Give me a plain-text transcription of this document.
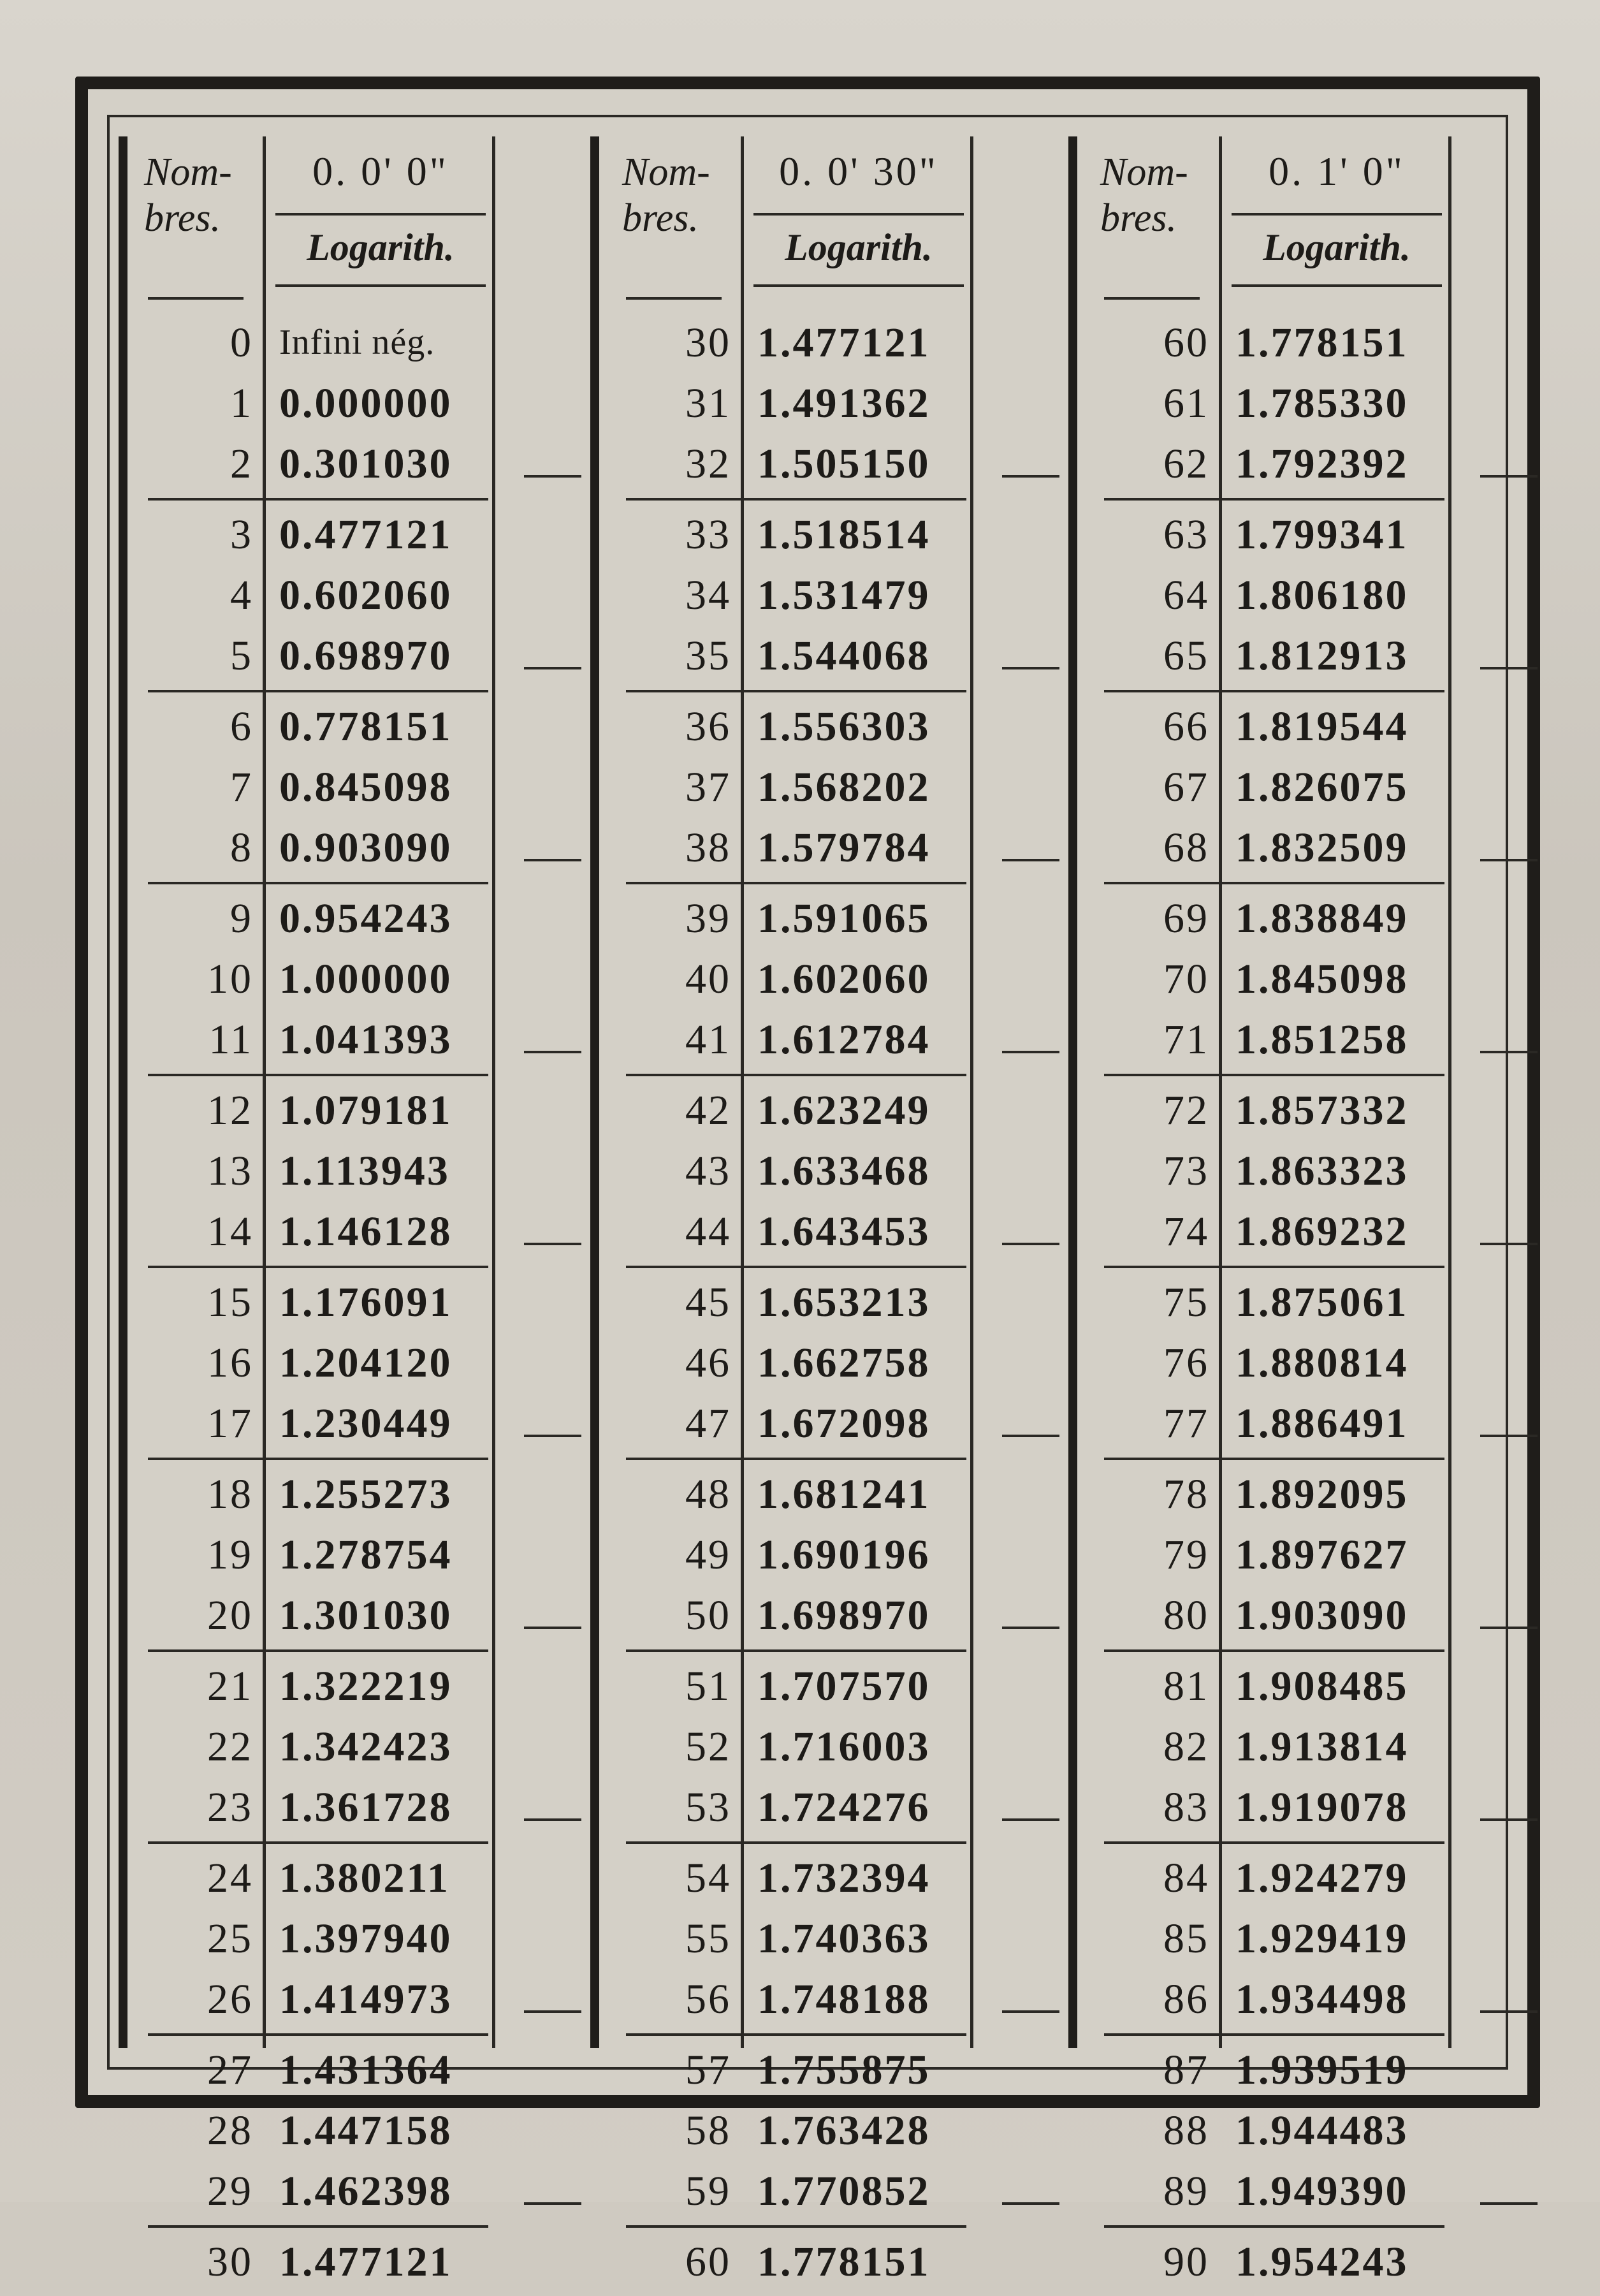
Nom- bres.
0. 0' 0"
Logarith.
0 Infini nég.
1 0.000000
2 0.301030
3 0.477121
4 0.602060
5 0.698970
6 0.778151
7 0.845098
8 0.903090
9 0.954243
10 1.000000
11 1.041393
12 1.079181
13 1.113943
14 1.146128
15 1.176091
16 1.204120
17 1.230449
18 1.255273
19 1.278754
20 1.301030
21 1.322219
22 1.342423
23 1.361728
24 1.380211
25 1.397940
26 1.414973
27 1.431364
28 1.447158
29 1.462398
30 1.477121
Nom- bres.
0. 0' 30"
Logarith.
30 1.477121
31 1.491362
32 1.505150
33 1.518514
34 1.531479
35 1.544068
36 1.556303
37 1.568202
38 1.579784
39 1.591065
40 1.602060
41 1.612784
42 1.623249
43 1.633468
44 1.643453
45 1.653213
46 1.662758
47 1.672098
48 1.681241
49 1.690196
50 1.698970
51 1.707570
52 1.716003
53 1.724276
54 1.732394
55 1.740363
56 1.748188
57 1.755875
58 1.763428
59 1.770852
60 1.778151
Nom- bres.
0. 1' 0"
Logarith.
60 1.778151
61 1.785330
62 1.792392
63 1.799341
64 1.806180
65 1.812913
66 1.819544
67 1.826075
68 1.832509
69 1.838849
70 1.845098
71 1.851258
72 1.857332
73 1.863323
74 1.869232
75 1.875061
76 1.880814
77 1.886491
78 1.892095
79 1.897627
80 1.903090
81 1.908485
82 1.913814
83 1.919078
84 1.924279
85 1.929419
86 1.934498
87 1.939519
88 1.944483
89 1.949390
90 1.954243
